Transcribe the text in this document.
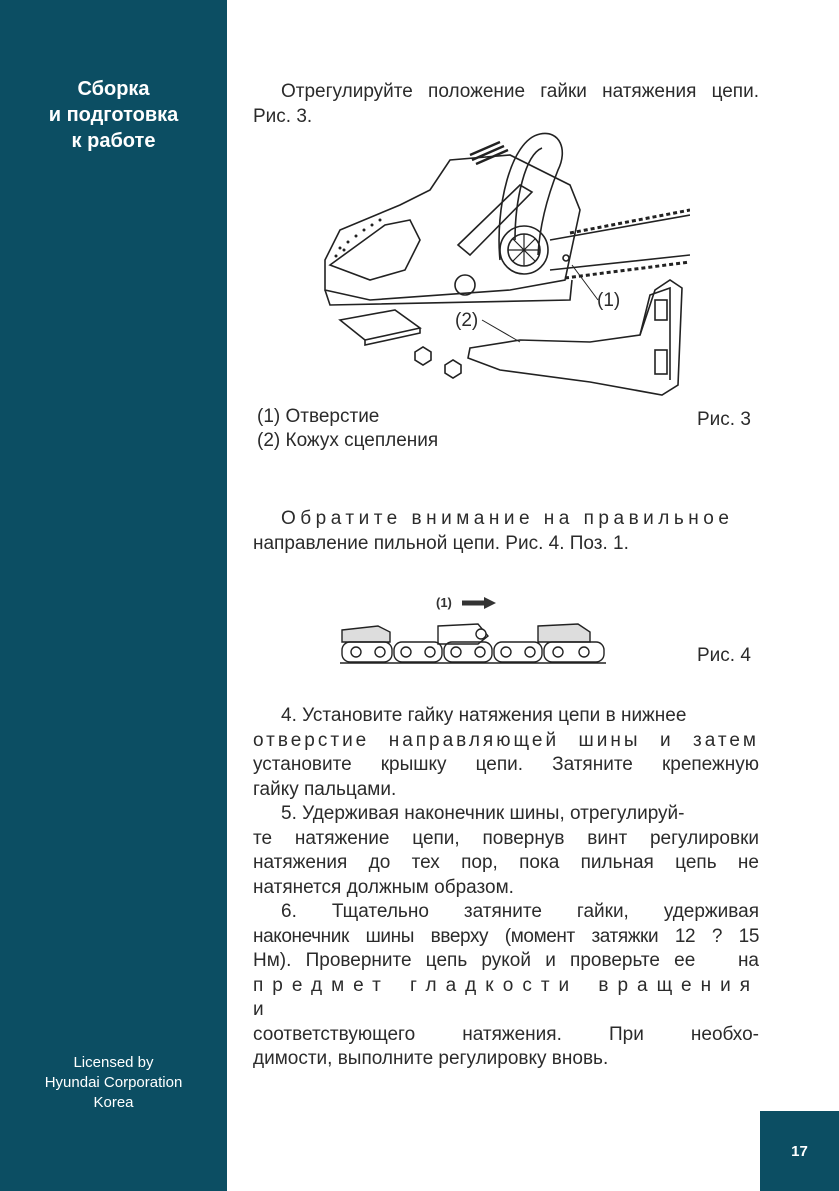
Сборка
и подготовка
к работе
Licensed by
Hyundai Corporation
Korea

Отрегулируйте положение гайки натяжения цепи. Рис. 3.

(1)
(2)
(1) Отверстие
(2) Кожух сцепления
Рис. 3

Обратите внимание на правильное

направление пильной цепи. Рис. 4. Поз. 1.

(1)
Рис. 4

4. Установите гайку натяжения цепи в нижнее

отверстие направляющей шины и затем

установите крышку цепи. Затяните крепежную

гайку пальцами.

5. Удерживая наконечник шины, отрегулируй-

те натяжение цепи, повернув винт регулировки

натяжения до тех пор, пока пильная цепь не

натянется должным образом.

6. Тщательно затяните гайки, удерживая

наконечник шины вверху (момент затяжки 12 ? 15

Нм). Проверните цепь рукой и проверьте ее   на

предмет гладкости вращения и

соответствующего натяжения. При необхо-

димости, выполните регулировку вновь.

17
